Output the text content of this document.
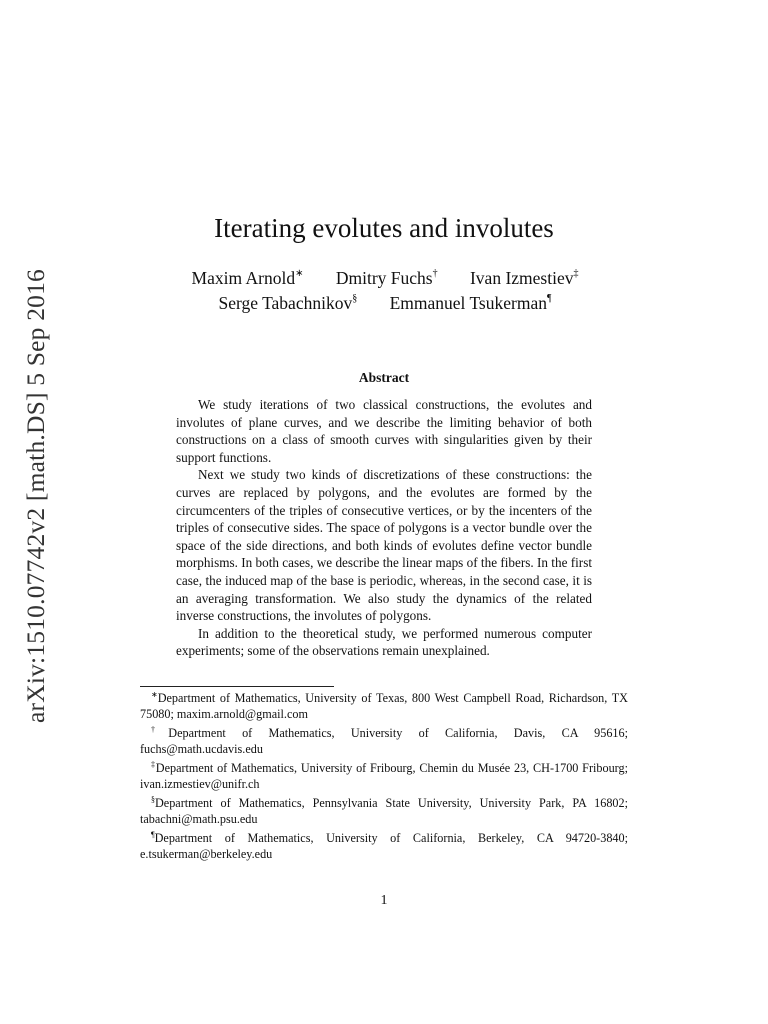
arXiv:1510.07742v2 [math.DS] 5 Sep 2016
Iterating evolutes and involutes
Maxim Arnold∗ Dmitry Fuchs† Ivan Izmestiev‡
Serge Tabachnikov§ Emmanuel Tsukerman¶
Abstract

We study iterations of two classical constructions, the evolutes and involutes of plane curves, and we describe the limiting behavior of both constructions on a class of smooth curves with singularities given by their support functions.

Next we study two kinds of discretizations of these constructions: the curves are replaced by polygons, and the evolutes are formed by the circumcenters of the triples of consecutive vertices, or by the incenters of the triples of consecutive sides. The space of polygons is a vector bundle over the space of the side directions, and both kinds of evolutes define vector bundle morphisms. In both cases, we describe the linear maps of the fibers. In the first case, the induced map of the base is periodic, whereas, in the second case, it is an averaging transformation. We also study the dynamics of the related inverse constructions, the involutes of polygons.

In addition to the theoretical study, we performed numerous computer experiments; some of the observations remain unexplained.

∗Department of Mathematics, University of Texas, 800 West Campbell Road, Richardson, TX 75080; maxim.arnold@gmail.com

†Department of Mathematics, University of California, Davis, CA 95616; fuchs@math.ucdavis.edu

‡Department of Mathematics, University of Fribourg, Chemin du Musée 23, CH-1700 Fribourg; ivan.izmestiev@unifr.ch

§Department of Mathematics, Pennsylvania State University, University Park, PA 16802; tabachni@math.psu.edu

¶Department of Mathematics, University of California, Berkeley, CA 94720-3840; e.tsukerman@berkeley.edu

1
